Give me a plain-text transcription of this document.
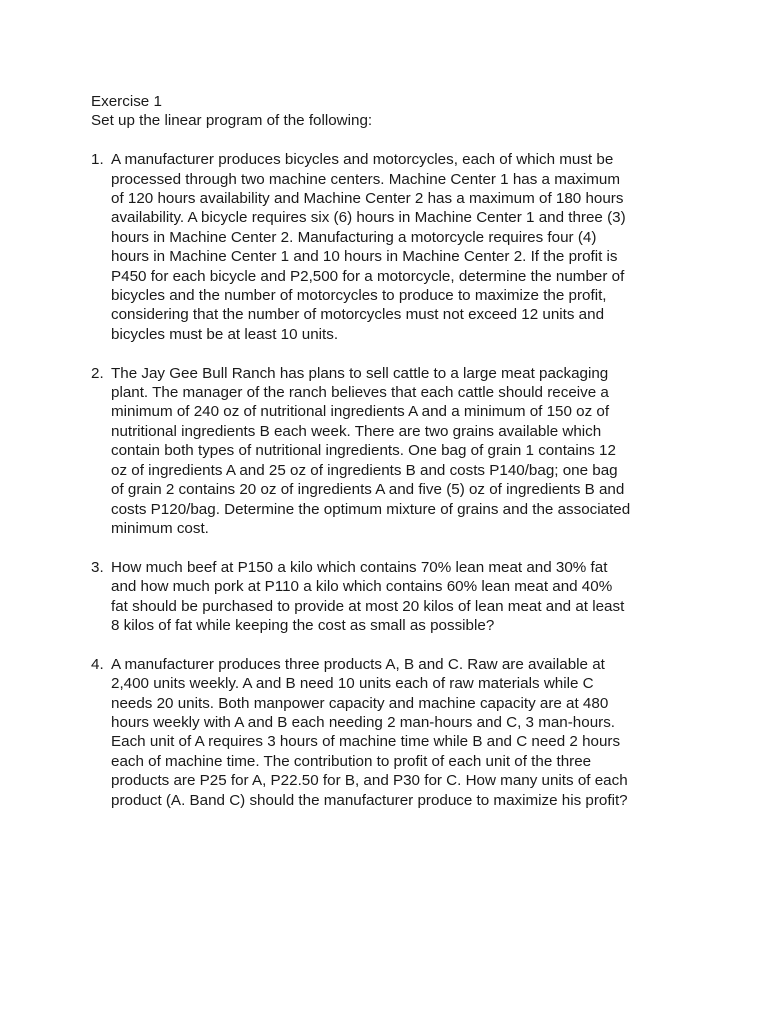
Exercise 1

Set up the linear program of the following:

1. A manufacturer produces bicycles and motorcycles, each of which must be
processed through two machine centers. Machine Center 1 has a maximum
of 120 hours availability and Machine Center 2 has a maximum of 180 hours
availability. A bicycle requires six (6) hours in Machine Center 1 and three (3)
hours in Machine Center 2. Manufacturing a motorcycle requires four (4)
hours in Machine Center 1 and 10 hours in Machine Center 2. If the profit is
P450 for each bicycle and P2,500 for a motorcycle, determine the number of
bicycles and the number of motorcycles to produce to maximize the profit,
considering that the number of motorcycles must not exceed 12 units and
bicycles must be at least 10 units.
2. The Jay Gee Bull Ranch has plans to sell cattle to a large meat packaging
plant. The manager of the ranch believes that each cattle should receive a
minimum of 240 oz of nutritional ingredients A and a minimum of 150 oz of
nutritional ingredients B each week. There are two grains available which
contain both types of nutritional ingredients. One bag of grain 1 contains 12
oz of ingredients A and 25 oz of ingredients B and costs P140/bag; one bag
of grain 2 contains 20 oz of ingredients A and five (5) oz of ingredients B and
costs P120/bag. Determine the optimum mixture of grains and the associated
minimum cost.
3. How much beef at P150 a kilo which contains 70% lean meat and 30% fat
and how much pork at P110 a kilo which contains 60% lean meat and 40%
fat should be purchased to provide at most 20 kilos of lean meat and at least
8 kilos of fat while keeping the cost as small as possible?
4. A manufacturer produces three products A, B and C. Raw are available at
2,400 units weekly. A and B need 10 units each of raw materials while C
needs 20 units. Both manpower capacity and machine capacity are at 480
hours weekly with A and B each needing 2 man-hours and C, 3 man-hours.
Each unit of A requires 3 hours of machine time while B and C need 2 hours
each of machine time. The contribution to profit of each unit of the three
products are P25 for A, P22.50 for B, and P30 for C. How many units of each
product (A. Band C) should the manufacturer produce to maximize his profit?
